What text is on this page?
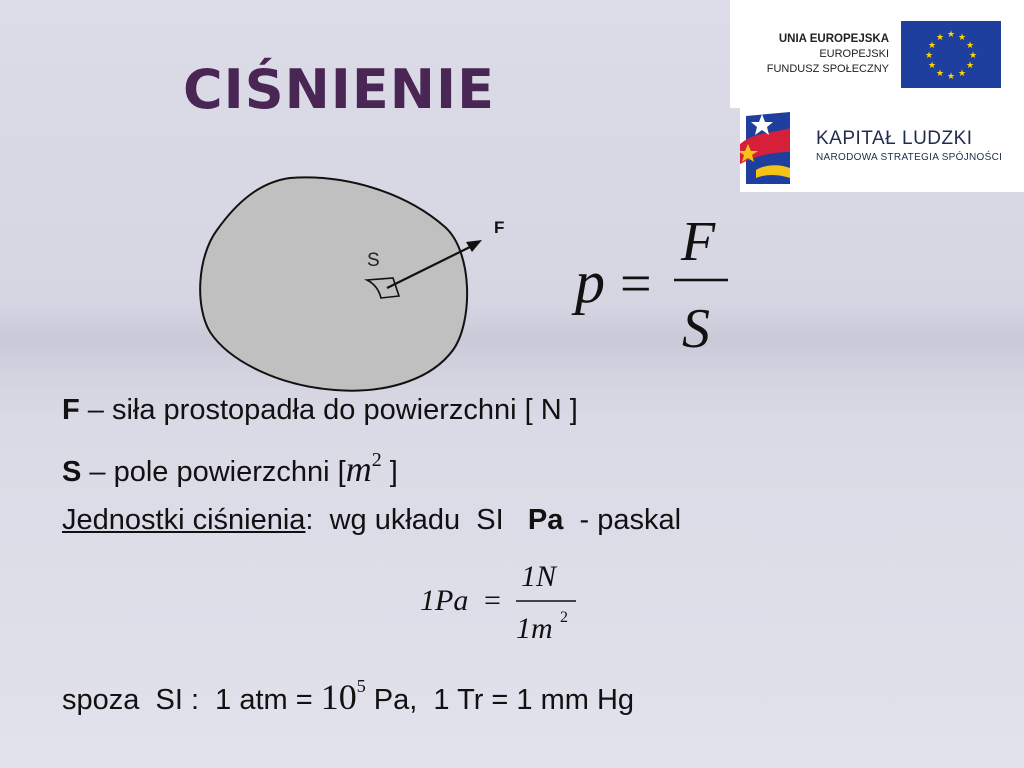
CIŚNIENIE
UNIA EUROPEJSKA
EUROPEJSKI
FUNDUSZ SPOŁECZNY
★ ★
★
★
★
★
★
★
★
★
★
★
KAPITAŁ LUDZKI
NARODOWA STRATEGIA SPÓJNOŚCI
S
F
p =
F
S
F – siła prostopadła do powierzchni [ N ]
S – pole powierzchni [$m^2$ ]
Jednostki ciśnienia:  wg układu  SI   Pa  - paskal
1Pa =
1N
1m 2
spoza  SI :  1 atm = $10^5$ Pa,  1 Tr = 1 mm Hg
